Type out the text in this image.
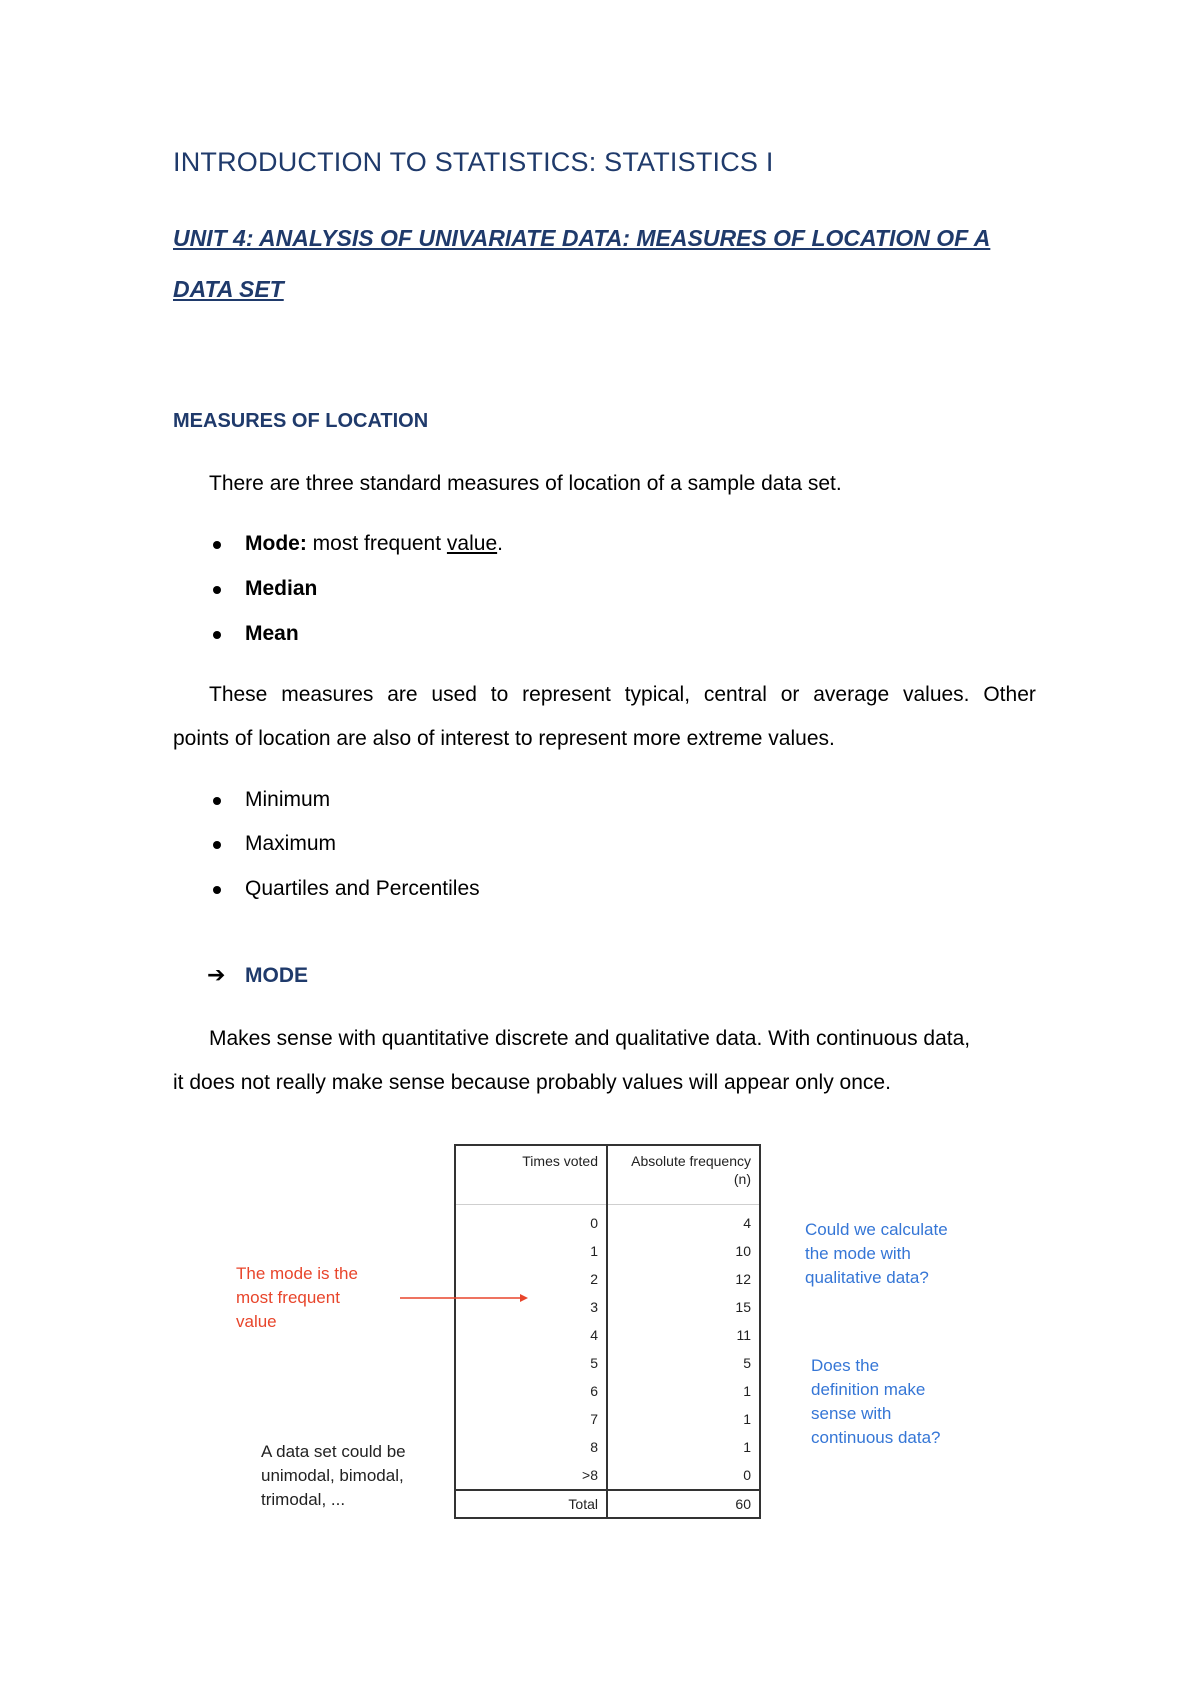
INTRODUCTION TO STATISTICS: STATISTICS I
UNIT 4: ANALYSIS OF UNIVARIATE DATA: MEASURES OF LOCATION OF A
DATA SET
MEASURES OF LOCATION
There are three standard measures of location of a sample data set.
Mode: most frequent value.
Median
Mean
These measures are used to represent typical, central or average values. Other
points of location are also of interest to represent more extreme values.
Minimum
Maximum
Quartiles and Percentiles
➔ MODE
Makes sense with quantitative discrete and qualitative data. With continuous data,
it does not really make sense because probably values will appear only once.
Times voted	Absolute frequency
(n)

0	4
1	10
2	12
3	15
4	11
5	5
6	1
7	1
8	1
>8	0
Total	60
The mode is the
most frequent
value
Could we calculate
the mode with
qualitative data?
Does the
definition make
sense with
continuous data?
A data set could be
unimodal, bimodal,
trimodal, ...
